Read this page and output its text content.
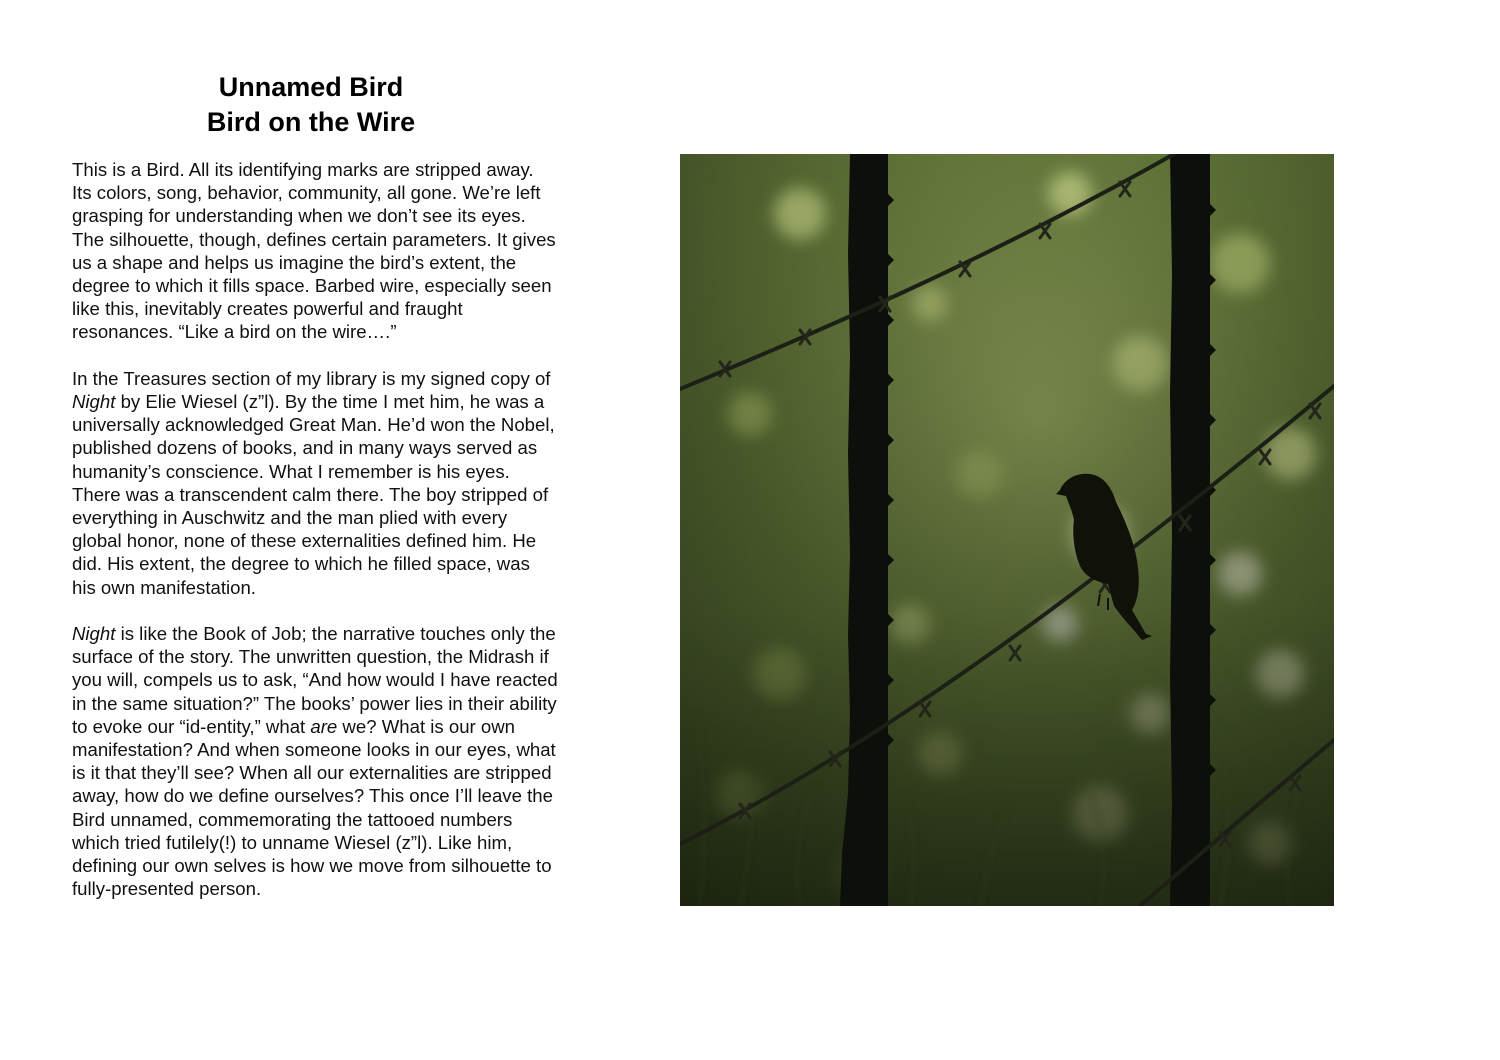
Unnamed Bird
Bird on the Wire

This is a Bird. All its identifying marks are stripped away. Its colors, song, behavior, community, all gone. We’re left grasping for understanding when we don’t see its eyes. The silhouette, though, defines certain parameters. It gives us a shape and helps us imagine the bird’s extent, the degree to which it fills space. Barbed wire, especially seen like this, inevitably creates powerful and fraught resonances. “Like a bird on the wire….”

In the Treasures section of my library is my signed copy of Night by Elie Wiesel (z”l). By the time I met him, he was a universally acknowledged Great Man. He’d won the Nobel, published dozens of books, and in many ways served as humanity’s conscience. What I remember is his eyes. There was a transcendent calm there. The boy stripped of everything in Auschwitz and the man plied with every global honor, none of these externalities defined him. He did. His extent, the degree to which he filled space, was his own manifestation.

Night is like the Book of Job; the narrative touches only the surface of the story. The unwritten question, the Midrash if you will, compels us to ask, “And how would I have reacted in the same situation?” The books’ power lies in their ability to evoke our “id-entity,” what are we? What is our own manifestation? And when someone looks in our eyes, what is it that they’ll see? When all our externalities are stripped away, how do we define ourselves? This once I’ll leave the Bird unnamed, commemorating the tattooed numbers which tried futilely(!) to unname Wiesel (z”l). Like him, defining our own selves is how we move from silhouette to fully-presented person.
